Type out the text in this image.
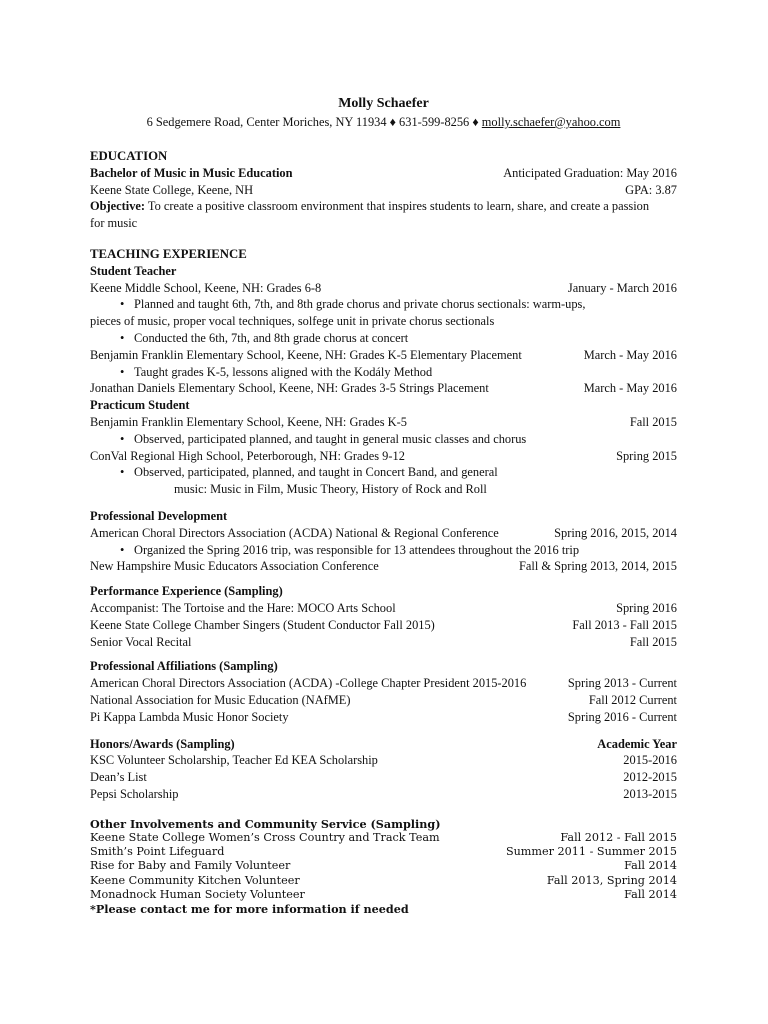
Molly Schaefer
6 Sedgemere Road, Center Moriches, NY 11934 ♦ 631-599-8256 ♦ molly.schaefer@yahoo.com
EDUCATION
Bachelor of Music in Music Education	Anticipated Graduation: May 2016
Keene State College, Keene, NH	GPA: 3.87
Objective: To create a positive classroom environment that inspires students to learn, share, and create a passion
for music
TEACHING EXPERIENCE
Student Teacher
Keene Middle School, Keene, NH: Grades 6-8	January - March 2016
• Planned and taught 6th, 7th, and 8th grade chorus and private chorus sectionals: warm-ups,
pieces of music, proper vocal techniques, solfege unit in private chorus sectionals
• Conducted the 6th, 7th, and 8th grade chorus at concert
Benjamin Franklin Elementary School, Keene, NH: Grades K-5 Elementary Placement	March - May 2016
• Taught grades K-5, lessons aligned with the Kodály Method
Jonathan Daniels Elementary School, Keene, NH: Grades 3-5 Strings Placement	March - May 2016
Practicum Student
Benjamin Franklin Elementary School, Keene, NH: Grades K-5	Fall 2015
• Observed, participated planned, and taught in general music classes and chorus
ConVal Regional High School, Peterborough, NH: Grades 9-12	Spring 2015
• Observed, participated, planned, and taught in Concert Band, and general
music: Music in Film, Music Theory, History of Rock and Roll
Professional Development
American Choral Directors Association (ACDA) National & Regional Conference	Spring 2016, 2015, 2014
• Organized the Spring 2016 trip, was responsible for 13 attendees throughout the 2016 trip
New Hampshire Music Educators Association Conference	Fall & Spring 2013, 2014, 2015
Performance Experience (Sampling)
Accompanist: The Tortoise and the Hare: MOCO Arts School	Spring 2016
Keene State College Chamber Singers (Student Conductor Fall 2015)	Fall 2013 - Fall 2015
Senior Vocal Recital	Fall 2015
Professional Affiliations (Sampling)
American Choral Directors Association (ACDA) -College Chapter President 2015-2016	Spring 2013 - Current
National Association for Music Education (NAfME)	Fall 2012 Current
Pi Kappa Lambda Music Honor Society	Spring 2016 - Current
Honors/Awards (Sampling)	Academic Year
KSC Volunteer Scholarship, Teacher Ed KEA Scholarship	2015-2016
Dean’s List	2012-2015
Pepsi Scholarship	2013-2015
Other Involvements and Community Service (Sampling)
Keene State College Women’s Cross Country and Track Team	Fall 2012 - Fall 2015
Smith’s Point Lifeguard	Summer 2011 - Summer 2015
Rise for Baby and Family Volunteer	Fall 2014
Keene Community Kitchen Volunteer	Fall 2013, Spring 2014
Monadnock Human Society Volunteer	Fall 2014
*Please contact me for more information if needed
